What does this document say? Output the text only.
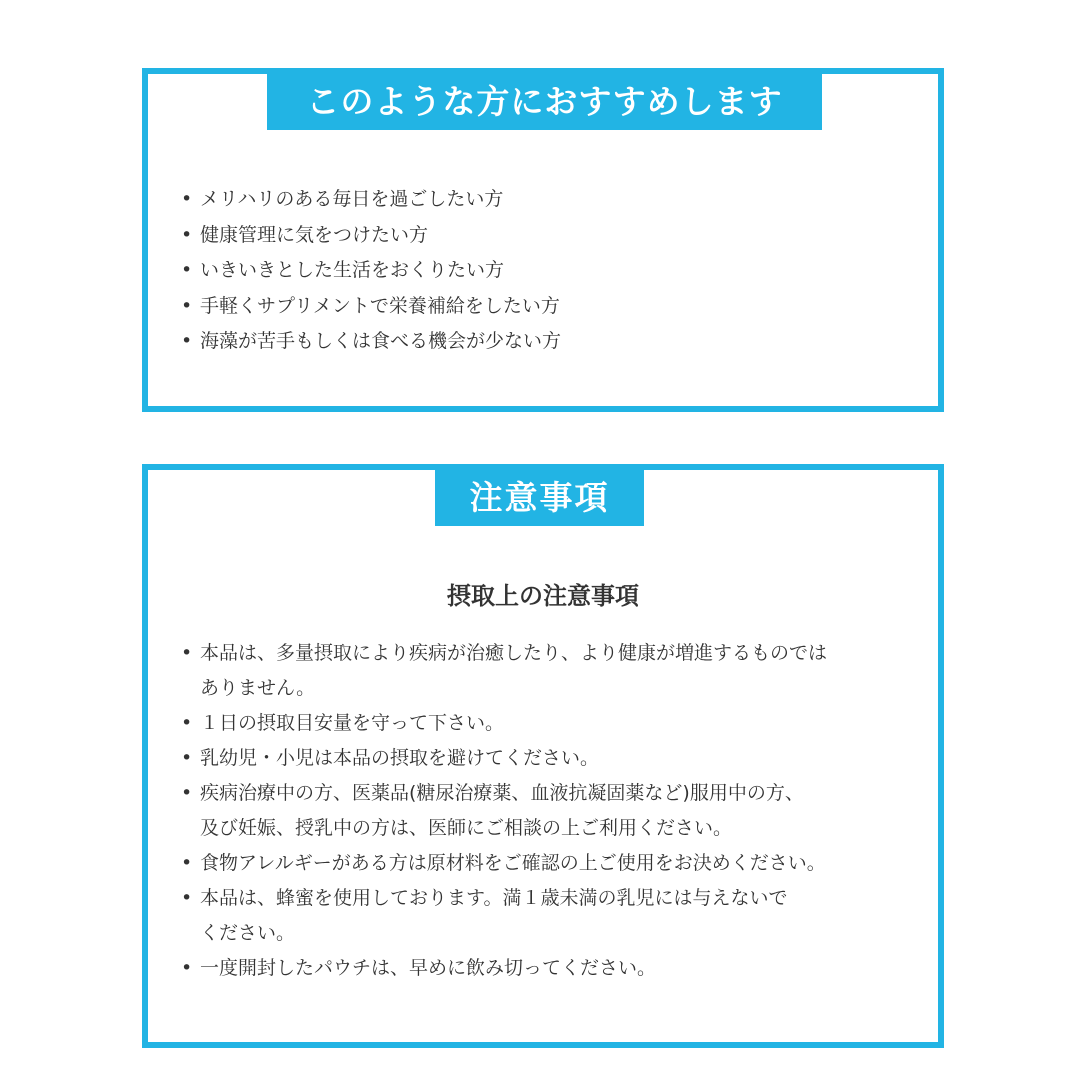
このような方におすすめします
• メリハリのある毎日を過ごしたい方
• 健康管理に気をつけたい方
• いきいきとした生活をおくりたい方
• 手軽くサプリメントで栄養補給をしたい方
• 海藻が苦手もしくは食べる機会が少ない方
注意事項
摂取上の注意事項
• 本品は、多量摂取により疾病が治癒したり、より健康が増進するものでは
ありません。
• １日の摂取目安量を守って下さい。
• 乳幼児・小児は本品の摂取を避けてください。
• 疾病治療中の方、医薬品(糖尿治療薬、血液抗凝固薬など)服用中の方、
及び妊娠、授乳中の方は、医師にご相談の上ご利用ください。
• 食物アレルギーがある方は原材料をご確認の上ご使用をお決めください。
• 本品は、蜂蜜を使用しております。満１歳未満の乳児には与えないで
ください。
• 一度開封したパウチは、早めに飲み切ってください。
